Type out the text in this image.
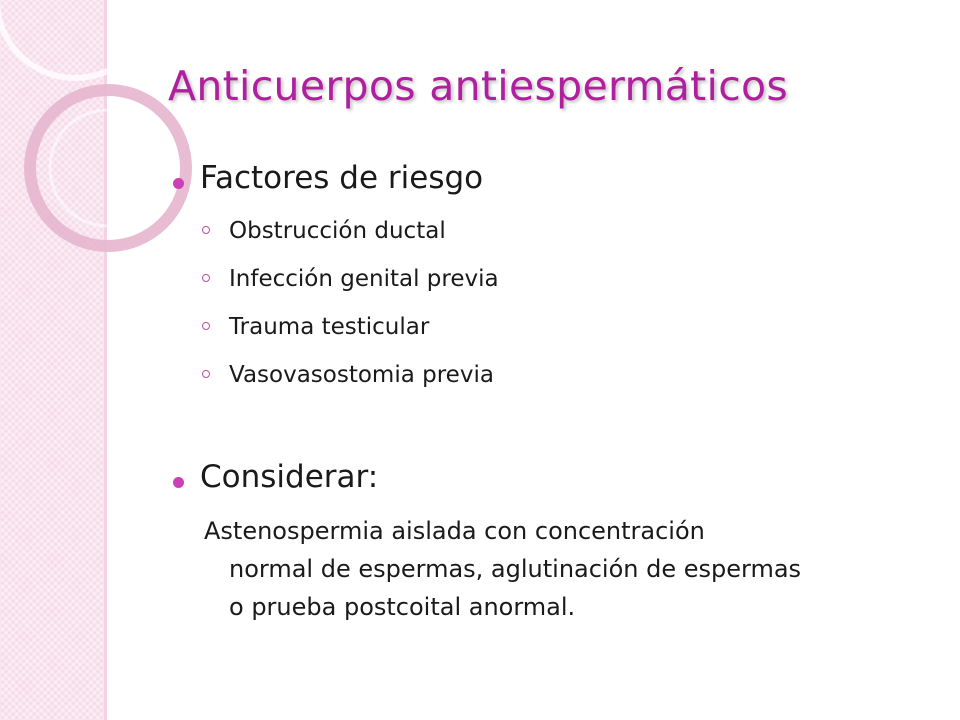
Anticuerpos antiespermáticos
Factores de riesgo
Obstrucción ductal
Infección genital previa
Trauma testicular
Vasovasostomia previa
Considerar:
Astenospermia aislada con concentración
normal de espermas, aglutinación de espermas
o prueba postcoital anormal.
